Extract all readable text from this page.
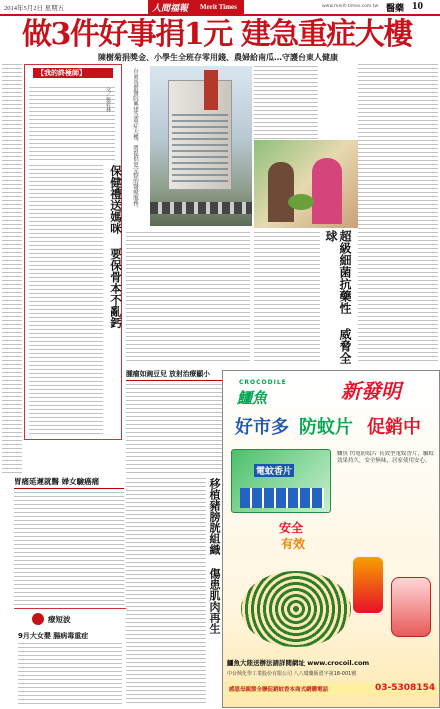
2014年5月2日 星期五	人間福報 Merit Times	www.merit-times.com.tw 醫藥 10
做3件好事捐1元 建急重症大樓
陳樹菊捐獎金、小學生全班存零用錢、農婦給南瓜…守護台東人健康
【我的終極師】
文／張若林
保健禮送媽咪 要保骨本不亂鈣
胃痛延遲就醫 婦女驗癌痛
療短波
9月大女嬰 腸病毒重症
台東馬偕醫院興建急重症大樓，將提供更完整的醫療服務。
超級細菌抗藥性 威脅全球
腫瘤如豌豆兒 放射治療顯小
移植豬膀胱組織 傷患肌肉再生
CROCODILE
鱷魚	新發明
好市多 防蚊片 促銷中
電蚊香片
鱷魚 閃電防蚊片 長效型電蚊香片，驅蚊效果持久，安全無味，居家使用安心。
安全
有效
鱷魚大陸送辦法請詳閱網址 www.crocoil.com
中台興化學工業股份有限公司 八八環藥販賣字第18-001號
感恩母親節全聯促銷蚊香本商式網購電話	03-5308154
